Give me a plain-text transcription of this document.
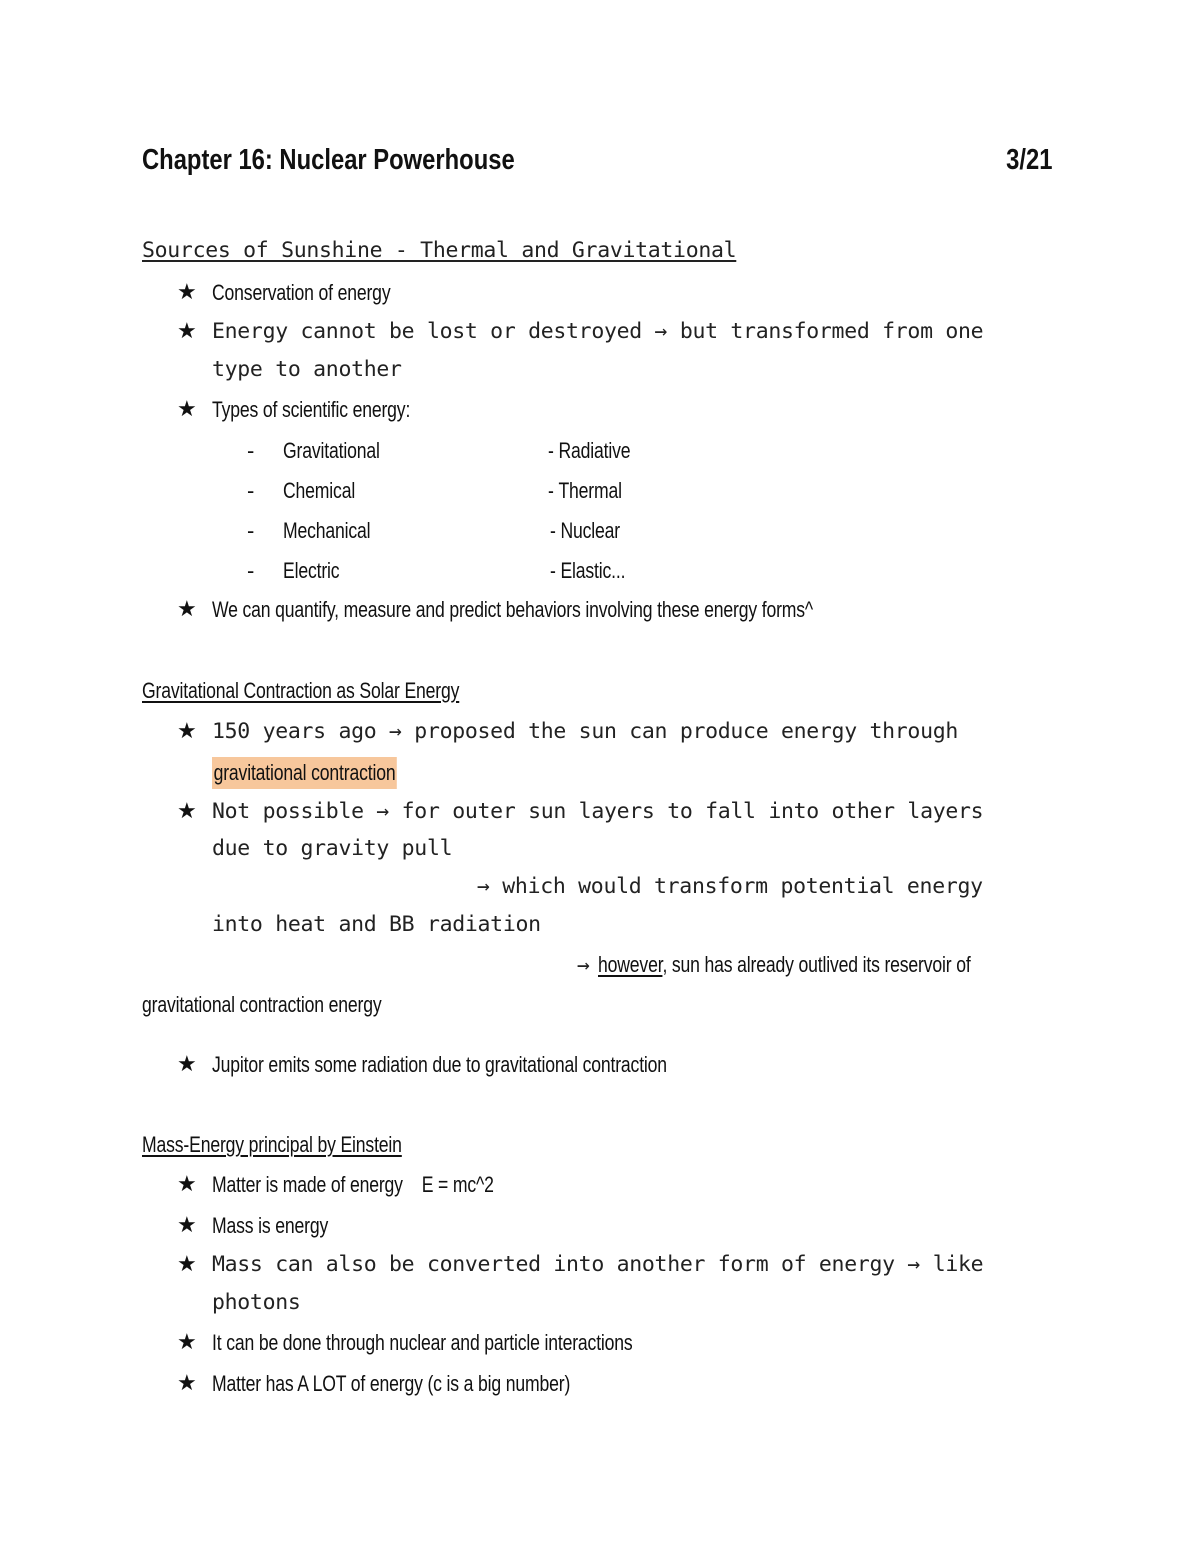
Chapter 16: Nuclear Powerhouse	3/21
Sources of Sunshine - Thermal and Gravitational
★ Conservation of energy
★ Energy cannot be lost or destroyed → but transformed from one
type to another
★ Types of scientific energy:
- Gravitational	- Radiative
- Chemical	- Thermal
- Mechanical	- Nuclear
- Electric	- Elastic...
★ We can quantify, measure and predict behaviors involving these energy forms^
Gravitational Contraction as Solar Energy
★ 150 years ago → proposed the sun can produce energy through
gravitational contraction
★ Not possible → for outer sun layers to fall into other layers
due to gravity pull
→ which would transform potential energy
into heat and BB radiation
→ however, sun has already outlived its reservoir of
gravitational contraction energy
★ Jupitor emits some radiation due to gravitational contraction
Mass-Energy principal by Einstein
★ Matter is made of energy    E = mc^2
★ Mass is energy
★ Mass can also be converted into another form of energy → like
photons
★ It can be done through nuclear and particle interactions
★ Matter has A LOT of energy (c is a big number)
